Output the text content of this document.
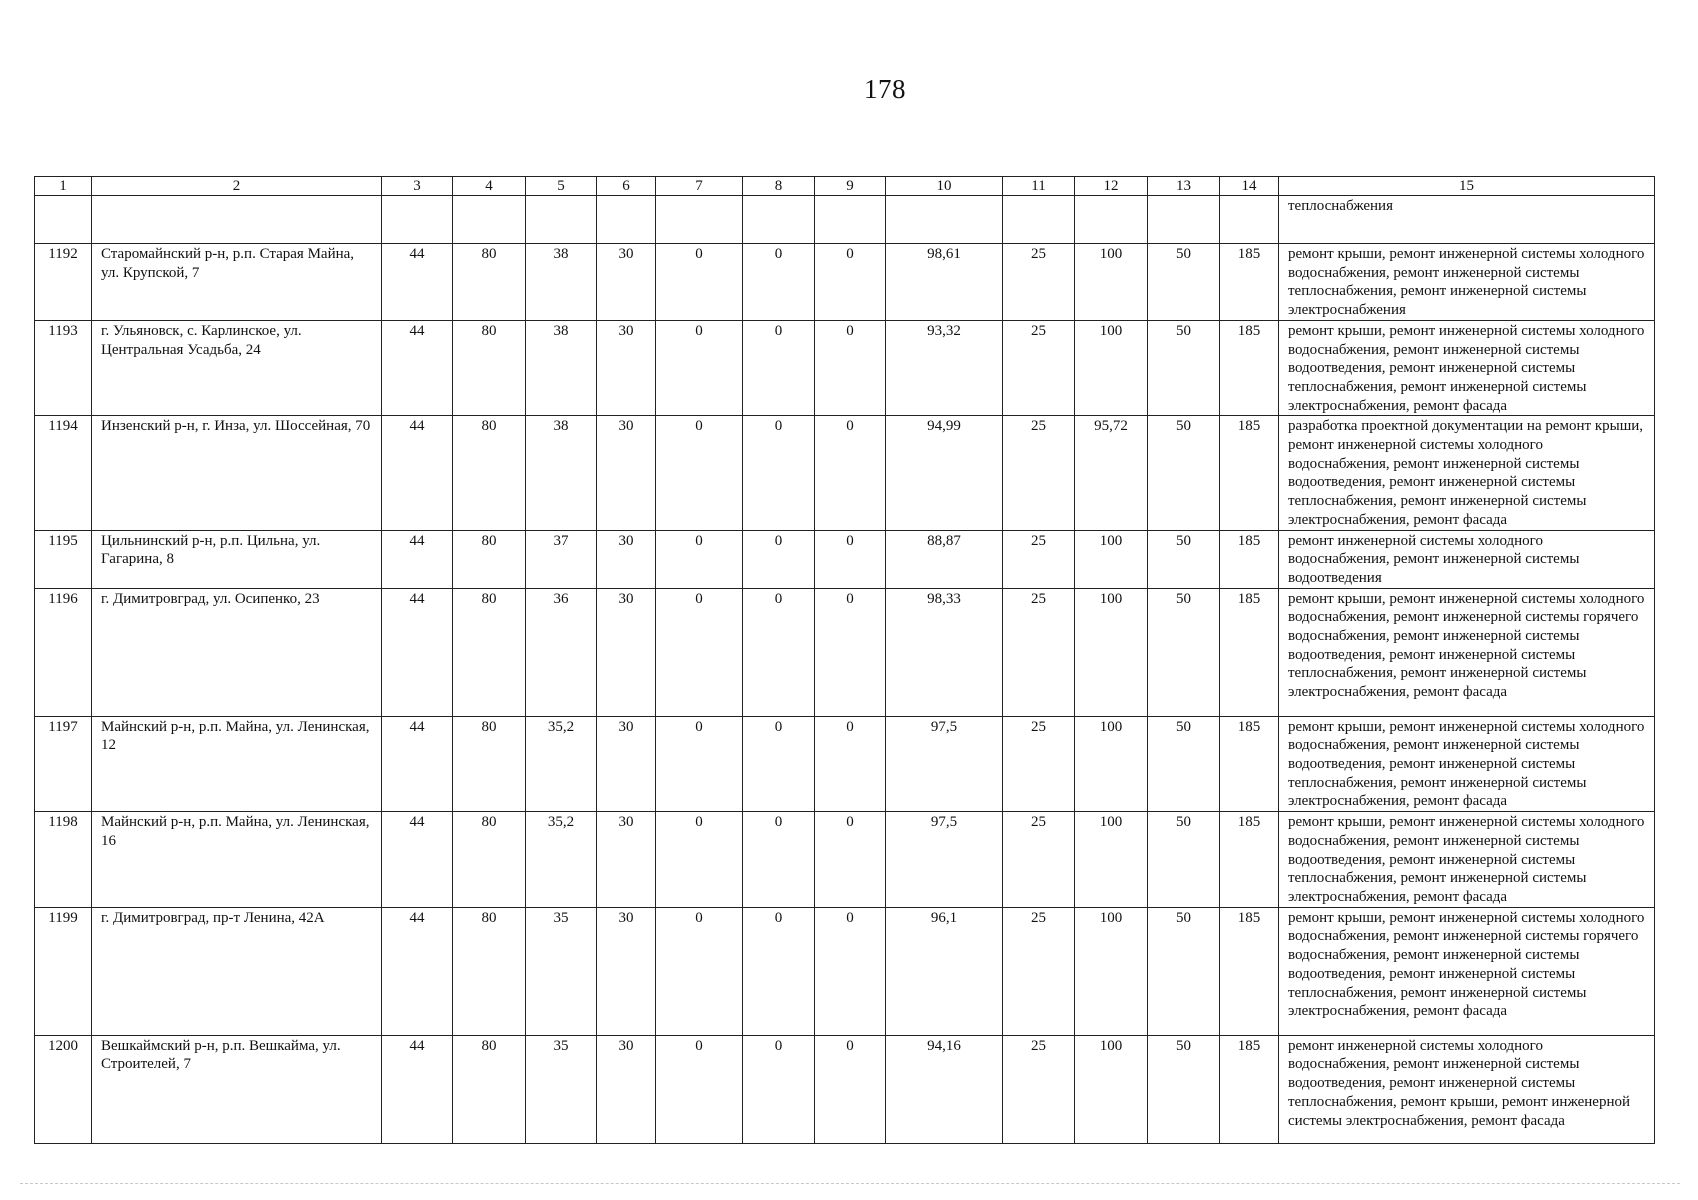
178
1	2	3	4	5	6	7	8	9	10	11	12	13	14	15
														теплоснабжения
1192	Старомайнский р-н, р.п. Старая Майна, ул. Крупской, 7	44	80	38	30	0	0	0	98,61	25	100	50	185	ремонт крыши, ремонт инженерной системы холодного водоснабжения, ремонт инженерной системы теплоснабжения, ремонт инженерной системы электроснабжения
1193	г. Ульяновск, с. Карлинское, ул. Центральная Усадьба, 24	44	80	38	30	0	0	0	93,32	25	100	50	185	ремонт крыши, ремонт инженерной системы холодного водоснабжения, ремонт инженерной системы водоотведения, ремонт инженерной системы теплоснабжения, ремонт инженерной системы электроснабжения, ремонт фасада
1194	Инзенский р-н, г. Инза, ул. Шоссейная, 70	44	80	38	30	0	0	0	94,99	25	95,72	50	185	разработка проектной документации на ремонт крыши, ремонт инженерной системы холодного водоснабжения, ремонт инженерной системы водоотведения, ремонт инженерной системы теплоснабжения, ремонт инженерной системы электроснабжения, ремонт фасада
1195	Цильнинский р-н, р.п. Цильна, ул. Гагарина, 8	44	80	37	30	0	0	0	88,87	25	100	50	185	ремонт инженерной системы холодного водоснабжения, ремонт инженерной системы водоотведения
1196	г. Димитровград, ул. Осипенко, 23	44	80	36	30	0	0	0	98,33	25	100	50	185	ремонт крыши, ремонт инженерной системы холодного водоснабжения, ремонт инженерной системы горячего водоснабжения, ремонт инженерной системы водоотведения, ремонт инженерной системы теплоснабжения, ремонт инженерной системы электроснабжения, ремонт фасада
1197	Майнский р-н, р.п. Майна, ул. Ленинская, 12	44	80	35,2	30	0	0	0	97,5	25	100	50	185	ремонт крыши, ремонт инженерной системы холодного водоснабжения, ремонт инженерной системы водоотведения, ремонт инженерной системы теплоснабжения, ремонт инженерной системы электроснабжения, ремонт фасада
1198	Майнский р-н, р.п. Майна, ул. Ленинская, 16	44	80	35,2	30	0	0	0	97,5	25	100	50	185	ремонт крыши, ремонт инженерной системы холодного водоснабжения, ремонт инженерной системы водоотведения, ремонт инженерной системы теплоснабжения, ремонт инженерной системы электроснабжения, ремонт фасада
1199	г. Димитровград, пр-т Ленина, 42А	44	80	35	30	0	0	0	96,1	25	100	50	185	ремонт крыши, ремонт инженерной системы холодного водоснабжения, ремонт инженерной системы горячего водоснабжения, ремонт инженерной системы водоотведения, ремонт инженерной системы теплоснабжения, ремонт инженерной системы электроснабжения, ремонт фасада
1200	Вешкаймский р-н, р.п. Вешкайма, ул. Строителей, 7	44	80	35	30	0	0	0	94,16	25	100	50	185	ремонт инженерной системы холодного водоснабжения, ремонт инженерной системы водоотведения, ремонт инженерной системы теплоснабжения, ремонт крыши, ремонт инженерной системы электроснабжения, ремонт фасада
